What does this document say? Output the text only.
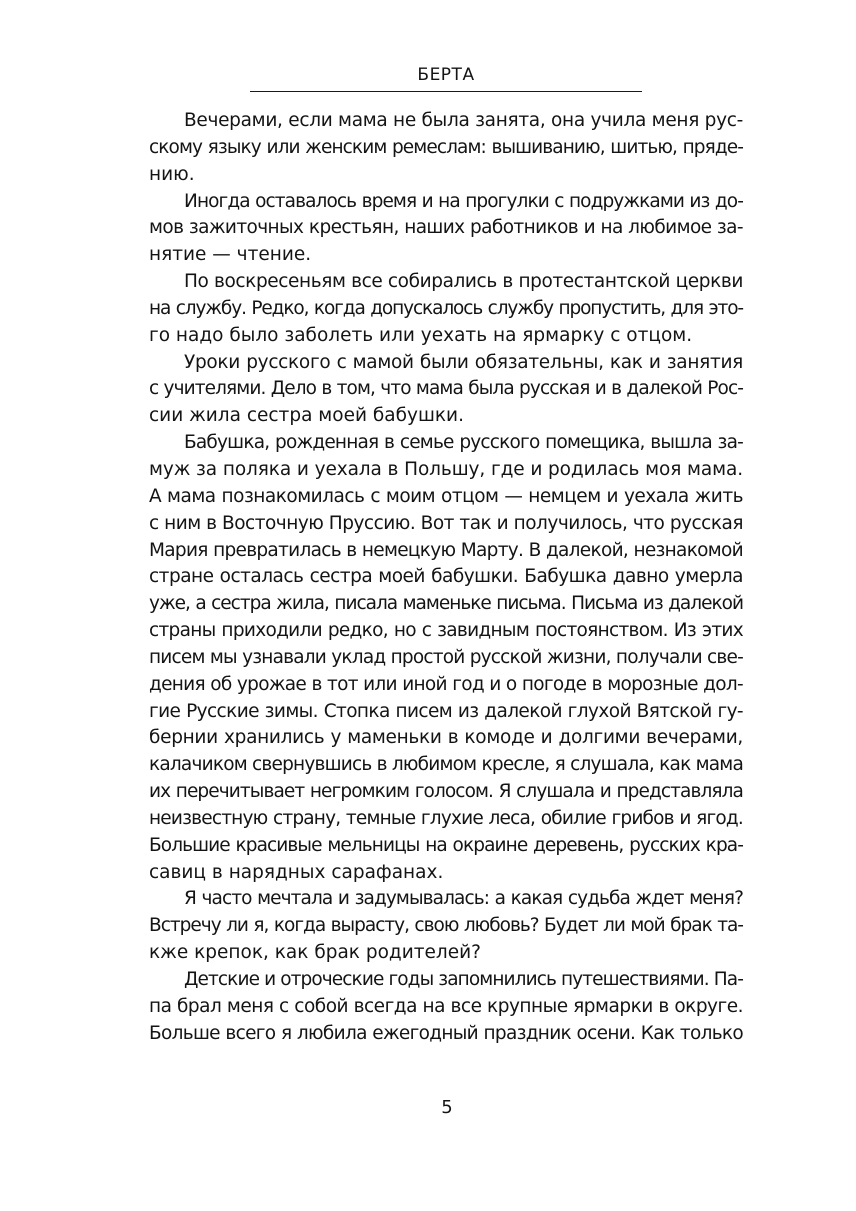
БЕРТА
Вечерами, если мама не была занята, она учила меня рус-
скому языку или женским ремеслам: вышиванию, шитью, пряде-
нию.
Иногда оставалось время и на прогулки с подружками из до-
мов зажиточных крестьян, наших работников и на любимое за-
нятие — чтение.
По воскресеньям все собирались в протестантской церкви
на службу. Редко, когда допускалось службу пропустить, для это-
го надо было заболеть или уехать на ярмарку с отцом.
Уроки русского с мамой были обязательны, как и занятия
с учителями. Дело в том, что мама была русская и в далекой Рос-
сии жила сестра моей бабушки.
Бабушка, рожденная в семье русского помещика, вышла за-
муж за поляка и уехала в Польшу, где и родилась моя мама.
А мама познакомилась с моим отцом — немцем и уехала жить
с ним в Восточную Пруссию. Вот так и получилось, что русская
Мария превратилась в немецкую Марту. В далекой, незнакомой
стране осталась сестра моей бабушки. Бабушка давно умерла
уже, а сестра жила, писала маменьке письма. Письма из далекой
страны приходили редко, но с завидным постоянством. Из этих
писем мы узнавали уклад простой русской жизни, получали све-
дения об урожае в тот или иной год и о погоде в морозные дол-
гие Русские зимы. Стопка писем из далекой глухой Вятской гу-
бернии хранились у маменьки в комоде и долгими вечерами,
калачиком свернувшись в любимом кресле, я слушала, как мама
их перечитывает негромким голосом. Я слушала и представляла
неизвестную страну, темные глухие леса, обилие грибов и ягод.
Большие красивые мельницы на окраине деревень, русских кра-
савиц в нарядных сарафанах.
Я часто мечтала и задумывалась: а какая судьба ждет меня?
Встречу ли я, когда вырасту, свою любовь? Будет ли мой брак та-
кже крепок, как брак родителей?
Детские и отроческие годы запомнились путешествиями. Па-
па брал меня с собой всегда на все крупные ярмарки в округе.
Больше всего я любила ежегодный праздник осени. Как только
5
